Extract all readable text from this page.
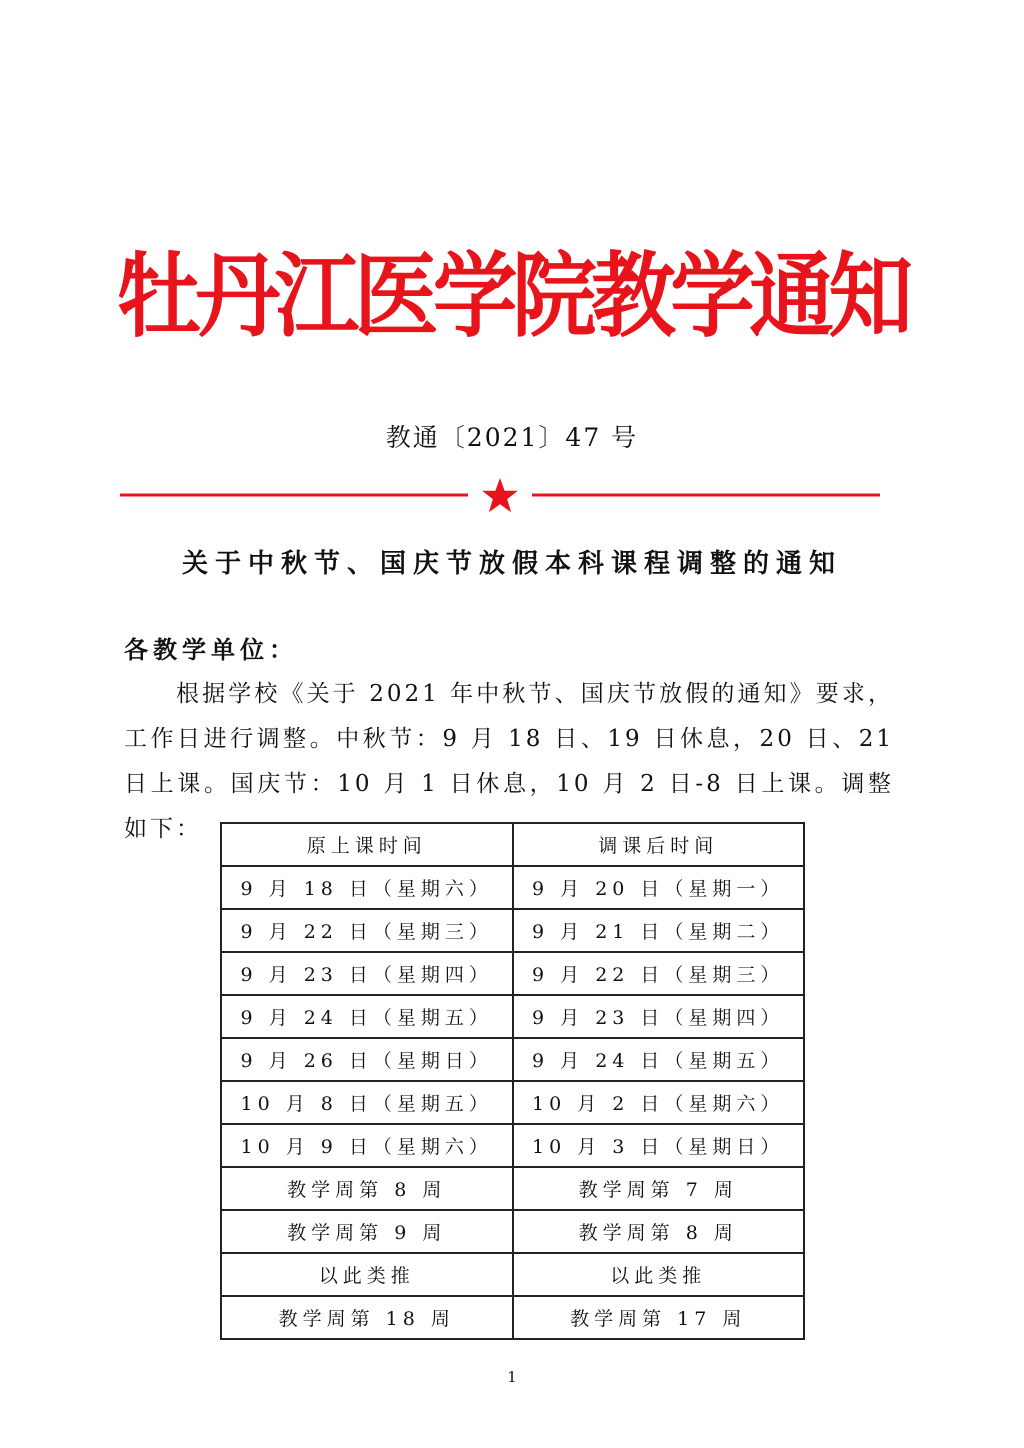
牡丹江医学院教学通知
教通〔2021〕47 号
关于中秋节、国庆节放假本科课程调整的通知
各教学单位：
根据学校《关于 2021 年中秋节、国庆节放假的通知》要求，工作日进行调整。中秋节：9 月 18 日、19 日休息，20 日、21 日上课。国庆节：10 月 1 日休息，10 月 2 日-8 日上课。调整如下：
原上课时间	调课后时间
9 月 18 日（星期六）	9 月 20 日（星期一）
9 月 22 日（星期三）	9 月 21 日（星期二）
9 月 23 日（星期四）	9 月 22 日（星期三）
9 月 24 日（星期五）	9 月 23 日（星期四）
9 月 26 日（星期日）	9 月 24 日（星期五）
10 月 8 日（星期五）	10 月 2 日（星期六）
10 月 9 日（星期六）	10 月 3 日（星期日）
教学周第 8 周	教学周第 7 周
教学周第 9 周	教学周第 8 周
以此类推	以此类推
教学周第 18 周	教学周第 17 周
1
